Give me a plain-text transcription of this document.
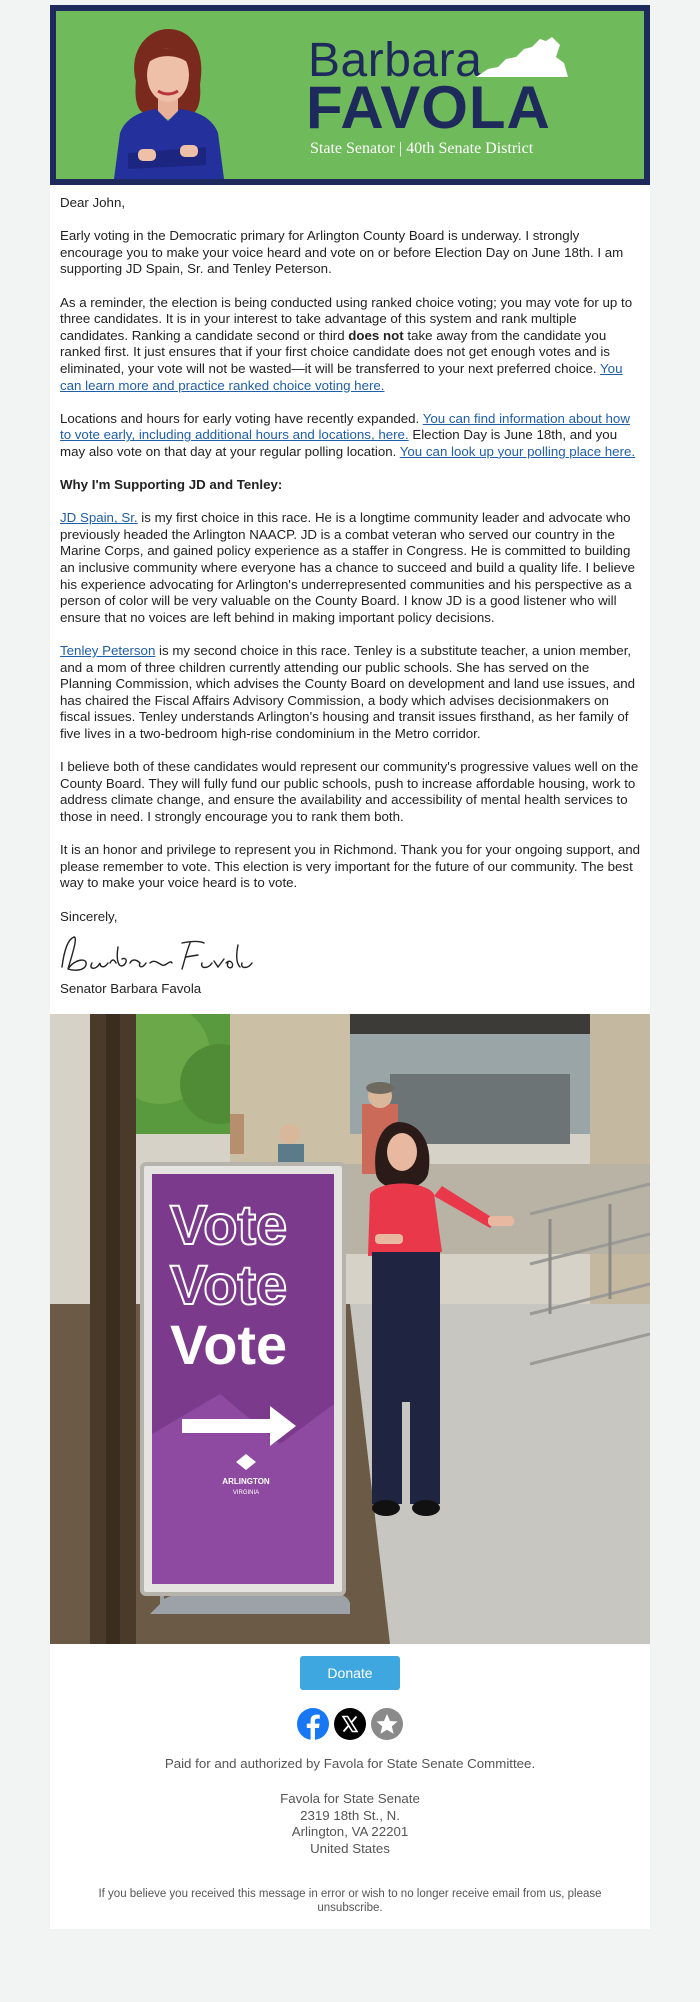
Barbara
FAVOLA
State Senator | 40th Senate District

Dear John,

Early voting in the Democratic primary for Arlington County Board is underway. I strongly encourage you to make your voice heard and vote on or before Election Day on June 18th. I am supporting JD Spain, Sr. and Tenley Peterson.

As a reminder, the election is being conducted using ranked choice voting; you may vote for up to three candidates. It is in your interest to take advantage of this system and rank multiple candidates. Ranking a candidate second or third does not take away from the candidate you ranked first. It just ensures that if your first choice candidate does not get enough votes and is eliminated, your vote will not be wasted—it will be transferred to your next preferred choice. You can learn more and practice ranked choice voting here.

Locations and hours for early voting have recently expanded. You can find information about how to vote early, including additional hours and locations, here. Election Day is June 18th, and you may also vote on that day at your regular polling location. You can look up your polling place here.

Why I'm Supporting JD and Tenley:

JD Spain, Sr. is my first choice in this race. He is a longtime community leader and advocate who previously headed the Arlington NAACP. JD is a combat veteran who served our country in the Marine Corps, and gained policy experience as a staffer in Congress. He is committed to building an inclusive community where everyone has a chance to succeed and build a quality life. I believe his experience advocating for Arlington's underrepresented communities and his perspective as a person of color will be very valuable on the County Board. I know JD is a good listener who will ensure that no voices are left behind in making important policy decisions.

Tenley Peterson is my second choice in this race. Tenley is a substitute teacher, a union member, and a mom of three children currently attending our public schools. She has served on the Planning Commission, which advises the County Board on development and land use issues, and has chaired the Fiscal Affairs Advisory Commission, a body which advises decisionmakers on fiscal issues. Tenley understands Arlington's housing and transit issues firsthand, as her family of five lives in a two-bedroom high-rise condominium in the Metro corridor.

I believe both of these candidates would represent our community's progressive values well on the County Board. They will fully fund our public schools, push to increase affordable housing, work to address climate change, and ensure the availability and accessibility of mental health services to those in need. I strongly encourage you to rank them both.

It is an honor and privilege to represent you in Richmond. Thank you for your ongoing support, and please remember to vote. This election is very important for the future of our community. The best way to make your voice heard is to vote.

Sincerely,

Senator Barbara Favola

Vote
Vote
Vote
ARLINGTON
VIRGINIA
Donate
Paid for and authorized by Favola for State Senate Committee.
Favola for State Senate
2319 18th St., N.
Arlington, VA 22201
United States
If you believe you received this message in error or wish to no longer receive email from us, please unsubscribe.
